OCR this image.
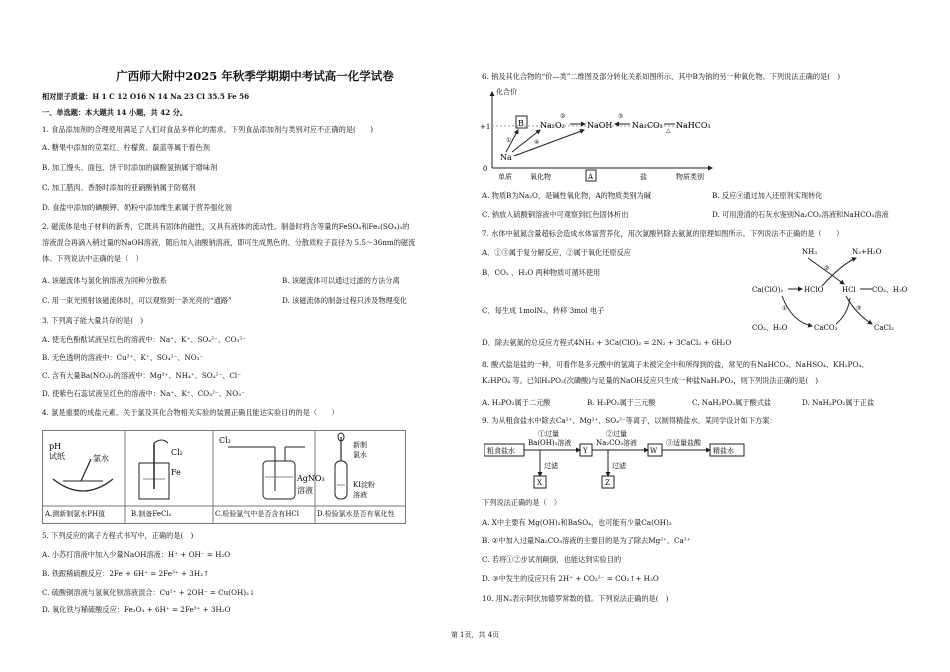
广西师大附中2025 年秋季学期期中考试高一化学试卷
相对原子质量：H 1 C 12 O16 N 14 Na 23 Cl 35.5 Fe 56
一、单选题：本大题共 14 小题，共 42 分。
1. 食品添加剂的合理使用满足了人们对食品多样化的需求。下列食品添加剂与类别对应不正确的是(　　)
A. 糖果中添加的苋菜红、柠檬黄、靛蓝等属于着色剂
B. 加工馒头、面包、饼干时添加的碳酸氢钠属于增味剂
C. 加工腊肉、香肠时添加的亚硝酸钠属于防腐剂
D. 食盐中添加的碘酸钾、奶粉中添加维生素属于营养强化剂
2. 磁流体是电子材料的新秀，它既具有固体的磁性，又具有液体的流动性。制备时将含等量的FeSO₄和Fe₂(SO₄)₃的
溶液混合再滴入稍过量的NaOH溶液，随后加入油酸钠溶液，即可生成黑色的、分散质粒子直径为 5.5～36nm的磁流
体。下列说法中正确的是（　）
A. 该磁流体与氯化钠溶液为同种分散系	B. 该磁流体可以通过过滤的方法分离
C. 用一束光照射该磁流体时，可以观察到一条光亮的“通路”	D. 该磁流体的制备过程只涉及物理变化
3. 下列离子能大量共存的是(　)
A. 使无色酚酞试液呈红色的溶液中：Na⁺、K⁺、SO₄²⁻、CO₃²⁻
B. 无色透明的溶液中：Cu²⁺、K⁺、SO₄²⁻、NO₃⁻
C. 含有大量Ba(NO₃)₂的溶液中：Mg²⁺、NH₄⁺、SO₄²⁻、Cl⁻
D. 使紫色石蕊试液呈红色的溶液中：Na⁺、K⁺、CO₃²⁻、NO₃⁻
4. 氯是重要的成盐元素。关于氯及其化合物相关实验的装置正确且能达实验目的的是（　　）
pH
试纸	氯水
Cl₂
Fe
Cl₂
AgNO₃
溶液
新制
氯水
KI淀粉
溶液
A.测新制氯水PH值	B.制备FeCl₂	C.检验氯气中是否含有HCl	D.检验氯水是否有氧化性
5. 下列反应的离子方程式书写中，正确的是(　)
A. 小苏打溶液中加入少量NaOH溶液：H⁺ + OH⁻ = H₂O
B. 铁跟稀硫酸反应：2Fe + 6H⁺ = 2Fe³⁺ + 3H₂↑
C. 硫酸铜溶液与氢氧化钡溶液混合：Cu²⁺ + 2OH⁻ = Cu(OH)₂↓
D. 氧化铁与稀硫酸反应：Fe₂O₃ + 6H⁺ = 2Fe³⁺ + 3H₂O
6. 钠及其化合物的“价—类”二维图及部分转化关系如图所示，其中B为钠的另一种氧化物。下列说法正确的是(　)
化合价
+1
0
Na
B Na₂O₂	NaOH Na₂CO₃ NaHCO₃
①
②
④
⑤
△
单质	氧化物	A	盐	物质类别
A. 物质B为Na₂O，是碱性氧化物，A的物质类别为碱	B. 反应④通过加入还原剂实现转化
C. 钠放入硫酸铜溶液中可观察到红色固体析出	D. 可用澄清的石灰水鉴别Na₂CO₃溶液和NaHCO₃溶液
7. 水体中氨氮含量超标会造成水体富营养化，用次氯酸钙除去氨氮的原理如图所示。下列说法不正确的是（　　）
A．①③属于复分解反应，②属于氧化还原反应
B．CO₂ 、H₂O 两种物质可循环使用
C．每生成 1molN₂，转移 3mol 电子
D．除去氨氮的总反应方程式4NH₃ + 3Ca(ClO)₂ = 2N₂ + 3CaCl₂ + 6H₂O
NH₃	N₂+H₂O
Ca(ClO)₂	HClO	HCl CO₂、H₂O
CO₂、H₂O	CaCO₃	CaCl₂
②
①	③
8. 酸式盐是盐的一种，可看作是多元酸中的氢离子未被完全中和所得到的盐，常见的有NaHCO₃、NaHSO₄、KH₂PO₄、
K₂HPO₄ 等。已知H₃PO₂(次磷酸)与足量的NaOH反应只生成一种盐NaH₂PO₂，则下列说法正确的是(　)
A. H₃PO₂属于二元酸	B. H₃PO₂属于三元酸	C. NaH₂PO₂属于酸式盐	D. NaH₂PO₂属于正盐
9. 为从粗食盐水中除去Ca²⁺、Mg²⁺、SO₄²⁻等离子，以制得精盐水。某同学设计如下方案：
粗食盐水
①过量
Ba(OH)₂溶液
过滤
X
Y
②过量
Na₂CO₃溶液
过滤
Z
W
③适量盐酸
精盐水
下列说法正确的是（　）
A. X中主要有 Mg(OH)₂和BaSO₄，也可能有少量Ca(OH)₂
B. ②中加入过量Na₂CO₃溶液的主要目的是为了除去Mg²⁺、Ca²⁺
C. 若将①②步试剂颠倒，也能达到实验目的
D. ③中发生的反应只有 2H⁺ + CO₃²⁻ = CO₂↑+ H₂O
10. 用Nₐ表示阿伏加德罗常数的值。下列说法正确的是(　)
第 1页，共 4页
